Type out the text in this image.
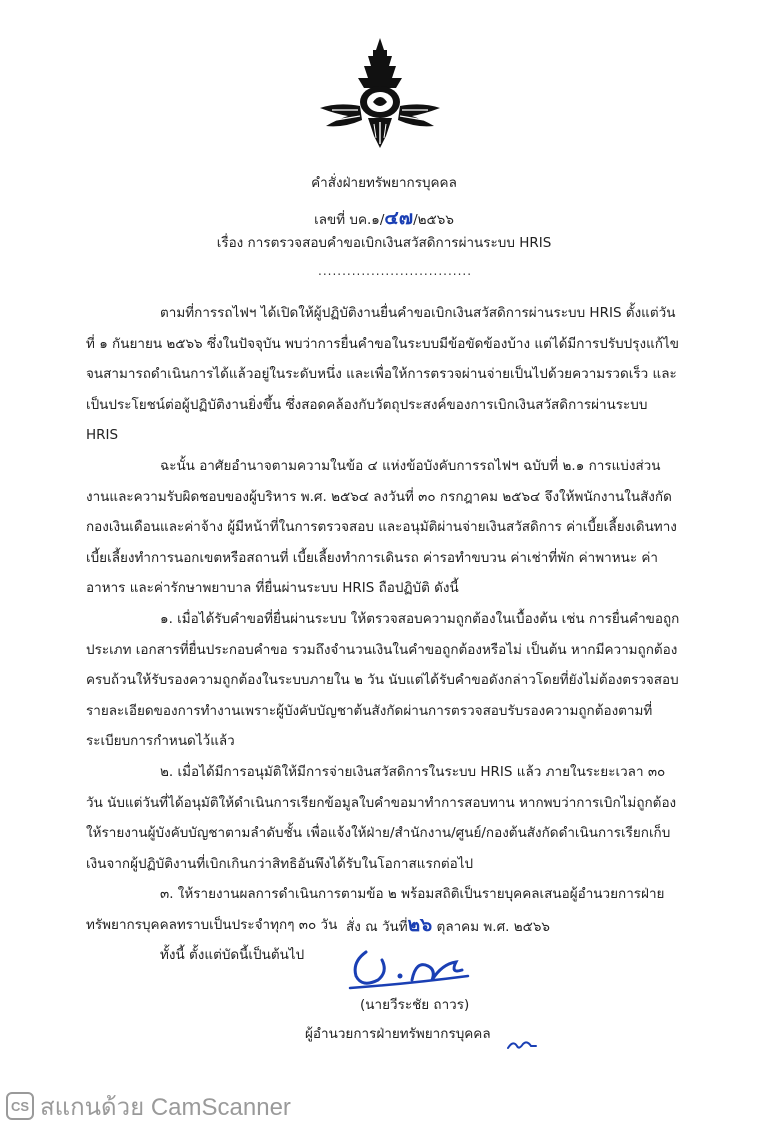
คำสั่งฝ่ายทรัพยากรบุคคล
เลขที่ บค.๑/๔๗/๒๕๖๖
เรื่อง การตรวจสอบคำขอเบิกเงินสวัสดิการผ่านระบบ HRIS
................................

ตามที่การรถไฟฯ ได้เปิดให้ผู้ปฏิบัติงานยื่นคำขอเบิกเงินสวัสดิการผ่านระบบ HRIS ตั้งแต่วันที่ ๑ กันยายน ๒๕๖๖ ซึ่งในปัจจุบัน พบว่าการยื่นคำขอในระบบมีข้อขัดข้องบ้าง แต่ได้มีการปรับปรุงแก้ไขจนสามารถดำเนินการได้แล้วอยู่ในระดับหนึ่ง และเพื่อให้การตรวจผ่านจ่ายเป็นไปด้วยความรวดเร็ว และเป็นประโยชน์ต่อผู้ปฏิบัติงานยิ่งขึ้น ซึ่งสอดคล้องกับวัตถุประสงค์ของการเบิกเงินสวัสดิการผ่านระบบ HRIS

ฉะนั้น อาศัยอำนาจตามความในข้อ ๔ แห่งข้อบังคับการรถไฟฯ ฉบับที่ ๒.๑ การแบ่งส่วนงานและความรับผิดชอบของผู้บริหาร พ.ศ. ๒๕๖๔ ลงวันที่ ๓๐ กรกฎาคม ๒๕๖๔ จึงให้พนักงานในสังกัดกองเงินเดือนและค่าจ้าง ผู้มีหน้าที่ในการตรวจสอบ และอนุมัติผ่านจ่ายเงินสวัสดิการ ค่าเบี้ยเลี้ยงเดินทาง เบี้ยเลี้ยงทำการนอกเขตหรือสถานที่ เบี้ยเลี้ยงทำการเดินรถ ค่ารอทำขบวน ค่าเช่าที่พัก ค่าพาหนะ ค่าอาหาร และค่ารักษาพยาบาล ที่ยื่นผ่านระบบ HRIS ถือปฏิบัติ ดังนี้

๑. เมื่อได้รับคำขอที่ยื่นผ่านระบบ ให้ตรวจสอบความถูกต้องในเบื้องต้น เช่น การยื่นคำขอถูกประเภท เอกสารที่ยื่นประกอบคำขอ รวมถึงจำนวนเงินในคำขอถูกต้องหรือไม่ เป็นต้น หากมีความถูกต้องครบถ้วนให้รับรองความถูกต้องในระบบภายใน ๒ วัน นับแต่ได้รับคำขอดังกล่าวโดยที่ยังไม่ต้องตรวจสอบรายละเอียดของการทำงานเพราะผู้บังคับบัญชาต้นสังกัดผ่านการตรวจสอบรับรองความถูกต้องตามที่ระเบียบการกำหนดไว้แล้ว

๒. เมื่อได้มีการอนุมัติให้มีการจ่ายเงินสวัสดิการในระบบ HRIS แล้ว ภายในระยะเวลา ๓๐ วัน นับแต่วันที่ได้อนุมัติให้ดำเนินการเรียกข้อมูลใบคำขอมาทำการสอบทาน หากพบว่าการเบิกไม่ถูกต้องให้รายงานผู้บังคับบัญชาตามลำดับชั้น เพื่อแจ้งให้ฝ่าย/สำนักงาน/ศูนย์/กองต้นสังกัดดำเนินการเรียกเก็บเงินจากผู้ปฏิบัติงานที่เบิกเกินกว่าสิทธิอันพึงได้รับในโอกาสแรกต่อไป

๓. ให้รายงานผลการดำเนินการตามข้อ ๒ พร้อมสถิติเป็นรายบุคคลเสนอผู้อำนวยการฝ่ายทรัพยากรบุคคลทราบเป็นประจำทุกๆ ๓๐ วัน

ทั้งนี้ ตั้งแต่บัดนี้เป็นต้นไป

สั่ง ณ วันที่๒๖ ตุลาคม พ.ศ. ๒๕๖๖
(นายวีระชัย ถาวร)
ผู้อำนวยการฝ่ายทรัพยากรบุคคล
CS สแกนด้วย CamScanner
